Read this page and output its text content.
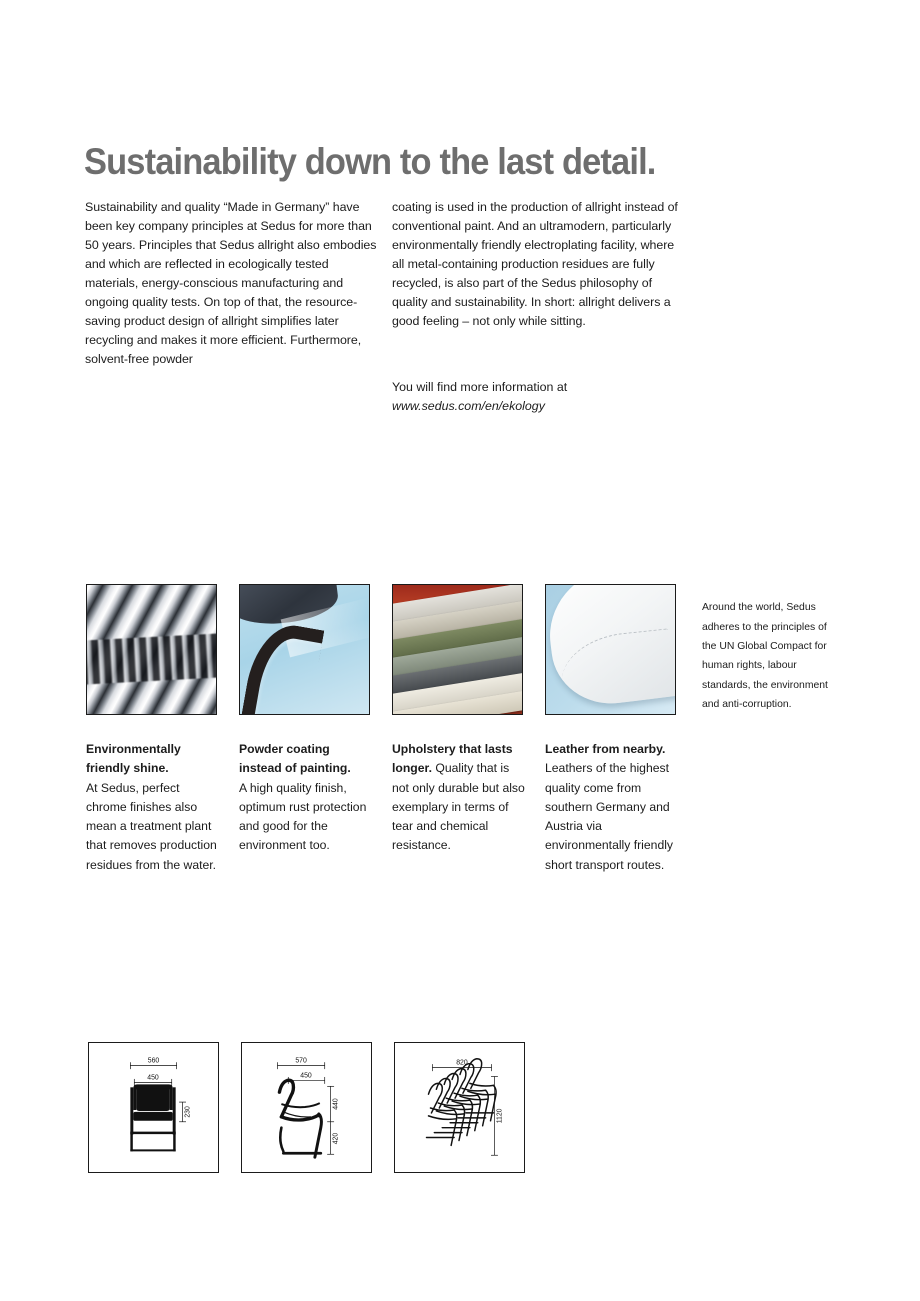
Sustainability down to the last detail.

Sustainability and quality “Made in Germany” have been key company principles at Sedus for more than 50 years. Principles that Sedus allright also embodies and which are reflected in ecologically tested materials, energy-conscious manufacturing and ongoing quality tests. On top of that, the resource-saving product design of allright simplifies later recycling and makes it more efficient. Furthermore, solvent-free powder

coating is used in the production of allright instead of conventional paint. And an ultramodern, particularly environmentally friendly electroplating facility, where all metal-containing production residues are fully recycled, is also part of the Sedus philosophy of quality and sustainability. In short: allright delivers a good feeling – not only while sitting.

You will find more information at
www.sedus.com/en/ekology

Around the world, Sedus adheres to the principles of the UN Global Compact for human rights, labour standards, the environment and anti-corruption.

Environmentally friendly shine.
At Sedus, perfect chrome finishes also mean a treatment plant that removes production residues from the water.
Powder coating instead of painting.
A high quality finish, optimum rust protection and good for the environment too.
Upholstery that lasts longer. Quality that is not only durable but also exemplary in terms of tear and chemical resistance.
Leather from nearby.
Leathers of the highest quality come from southern Germany and Austria via environmentally friendly short transport routes.
560
450
230
570
450
440
420
820
1120
